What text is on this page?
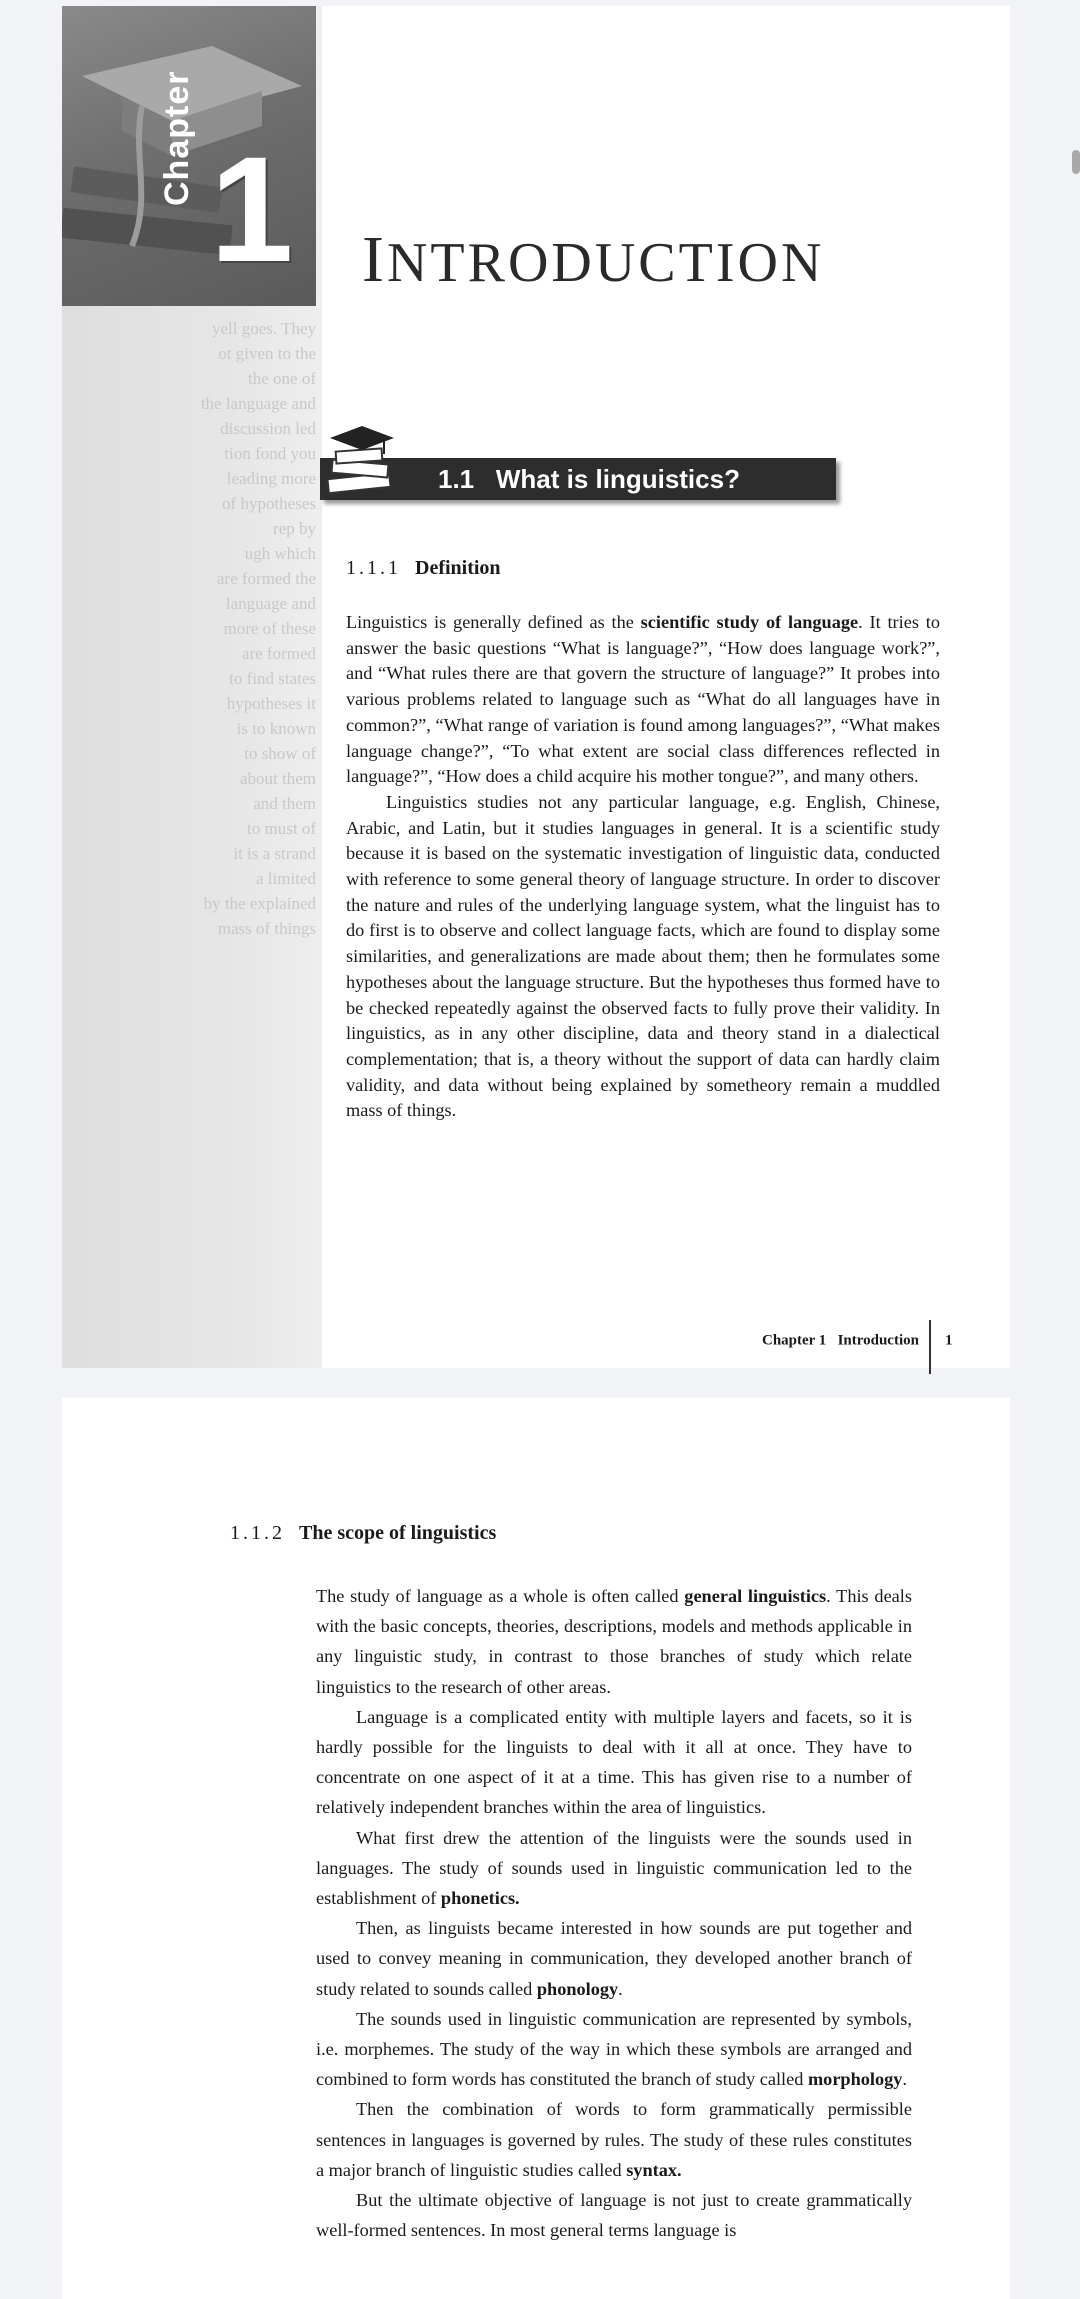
yell goes. They
ot given to the
the one of
the language and
discussion led
tion fond you
leading more
of hypotheses
rep by
ugh which
are formed the
language and
more of these
are formed
to find states
hypotheses it
is to known
to show of
about them
and them
to must of
it is a strand
a limited
by the explained
mass of things
Chapter 1 INTRODUCTION
1.1 What is linguistics?
1.1.1 Definition

Linguistics is generally defined as the scientific study of language. It tries to answer the basic questions “What is language?”, “How does language work?”, and “What rules there are that govern the structure of language?” It probes into various problems related to language such as “What do all languages have in common?”, “What range of variation is found among languages?”, “What makes language change?”, “To what extent are social class differences reflected in language?”, “How does a child acquire his mother tongue?”, and many others.

Linguistics studies not any particular language, e.g. English, Chinese, Arabic, and Latin, but it studies languages in general. It is a scientific study because it is based on the systematic investigation of linguistic data, conducted with reference to some general theory of language structure. In order to discover the nature and rules of the underlying language system, what the linguist has to do first is to observe and collect language facts, which are found to display some similarities, and generalizations are made about them; then he formulates some hypotheses about the language structure. But the hypotheses thus formed have to be checked repeatedly against the observed facts to fully prove their validity. In linguistics, as in any other discipline, data and theory stand in a dialectical complementation; that is, a theory without the support of data can hardly claim validity, and data without being explained by sometheory remain a muddled mass of things.

Chapter 1 Introduction 1
1.1.2 The scope of linguistics

The study of language as a whole is often called general linguistics. This deals with the basic concepts, theories, descriptions, models and methods applicable in any linguistic study, in contrast to those branches of study which relate linguistics to the research of other areas.

Language is a complicated entity with multiple layers and facets, so it is hardly possible for the linguists to deal with it all at once. They have to concentrate on one aspect of it at a time. This has given rise to a number of relatively independent branches within the area of linguistics.

What first drew the attention of the linguists were the sounds used in languages. The study of sounds used in linguistic communication led to the establishment of phonetics.

Then, as linguists became interested in how sounds are put together and used to convey meaning in communication, they developed another branch of study related to sounds called phonology.

The sounds used in linguistic communication are represented by symbols, i.e. morphemes. The study of the way in which these symbols are arranged and combined to form words has constituted the branch of study called morphology.

Then the combination of words to form grammatically permissible sentences in languages is governed by rules. The study of these rules constitutes a major branch of linguistic studies called syntax.

But the ultimate objective of language is not just to create grammatically well-formed sentences. In most general terms language is
